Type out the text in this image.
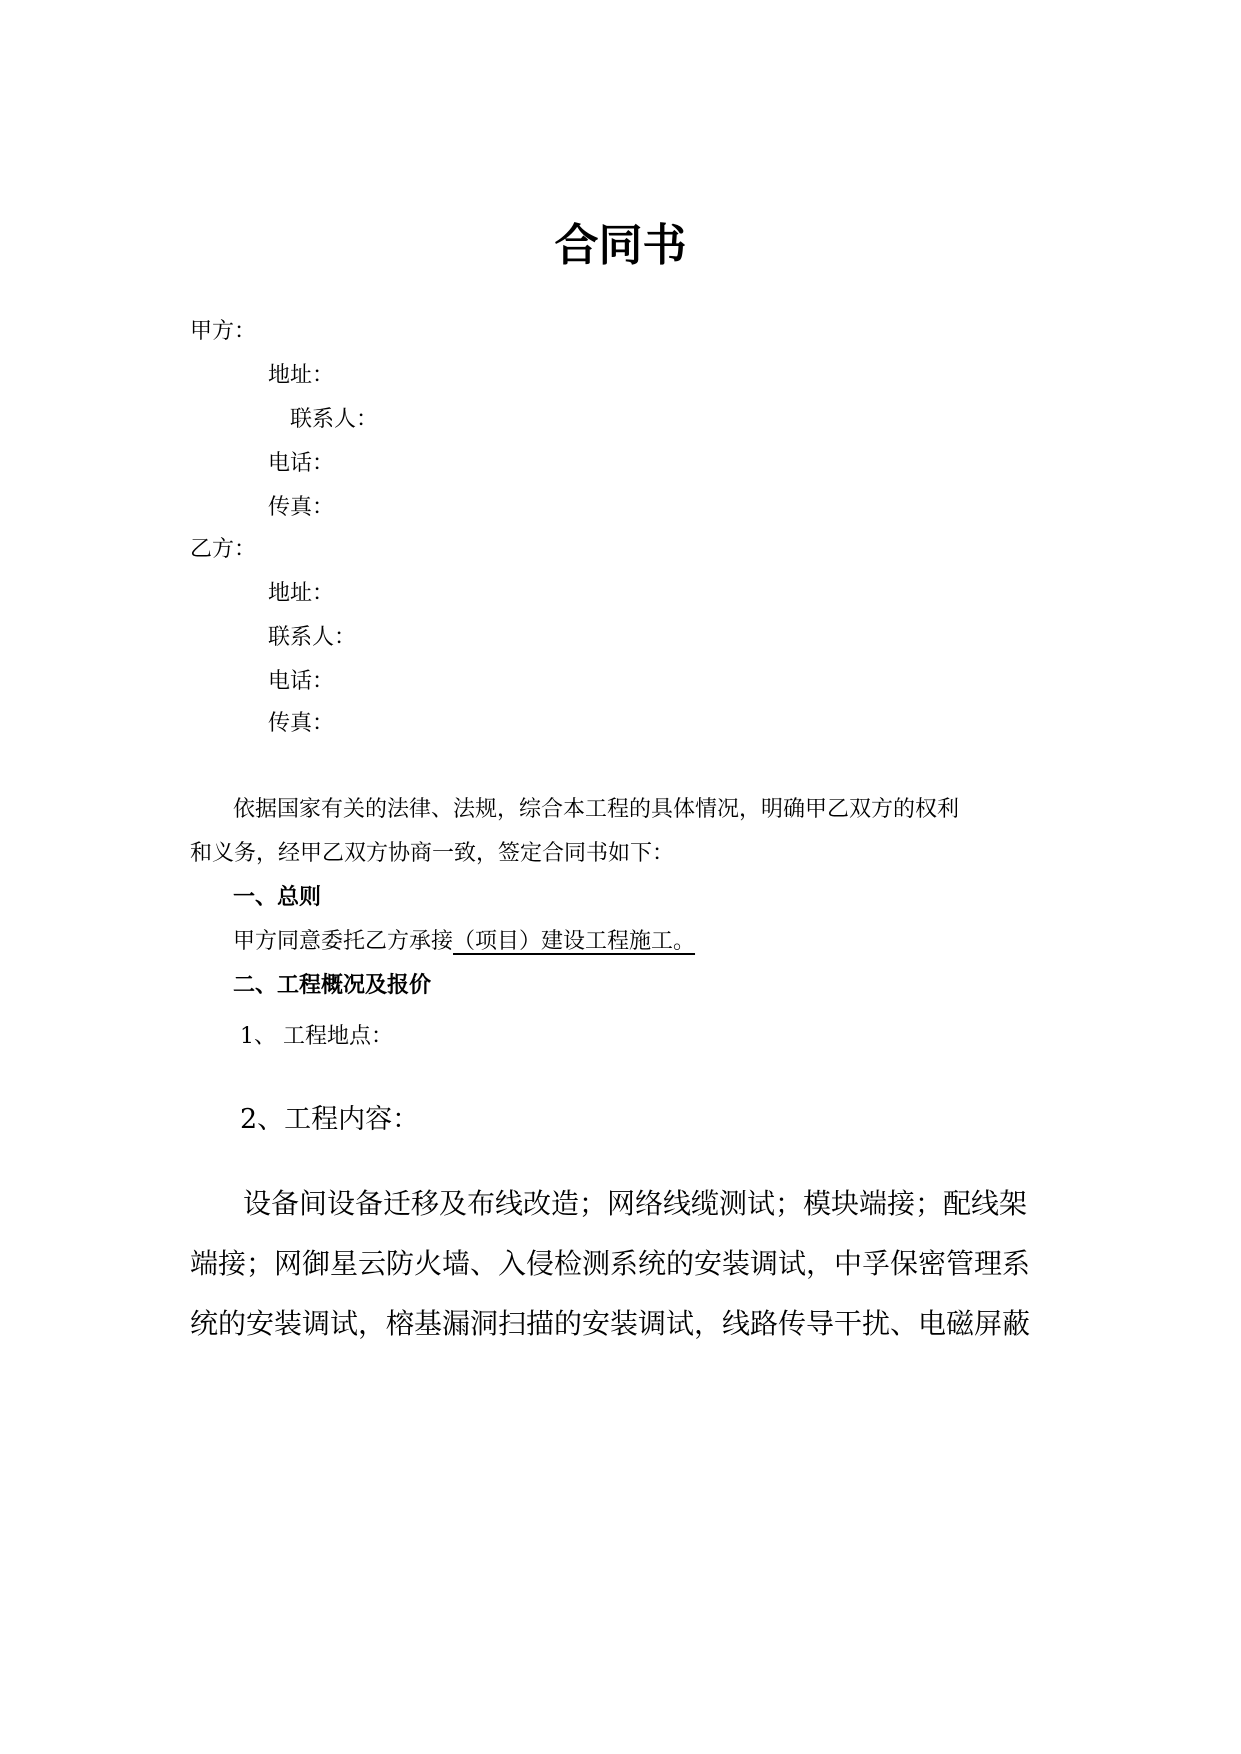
合同书

甲方：

地址：

联系人：

电话：

传真：

乙方：

地址：

联系人：

电话：

传真：

依据国家有关的法律、法规，综合本工程的具体情况，明确甲乙双方的权利

和义务，经甲乙双方协商一致，签定合同书如下：

一、总则

甲方同意委托乙方承接（项目）建设工程施工。

二、工程概况及报价

1、 工程地点：

2、工程内容：

设备间设备迁移及布线改造；网络线缆测试；模块端接；配线架

端接；网御星云防火墙、入侵检测系统的安装调试，中孚保密管理系

统的安装调试，榕基漏洞扫描的安装调试，线路传导干扰、电磁屏蔽
